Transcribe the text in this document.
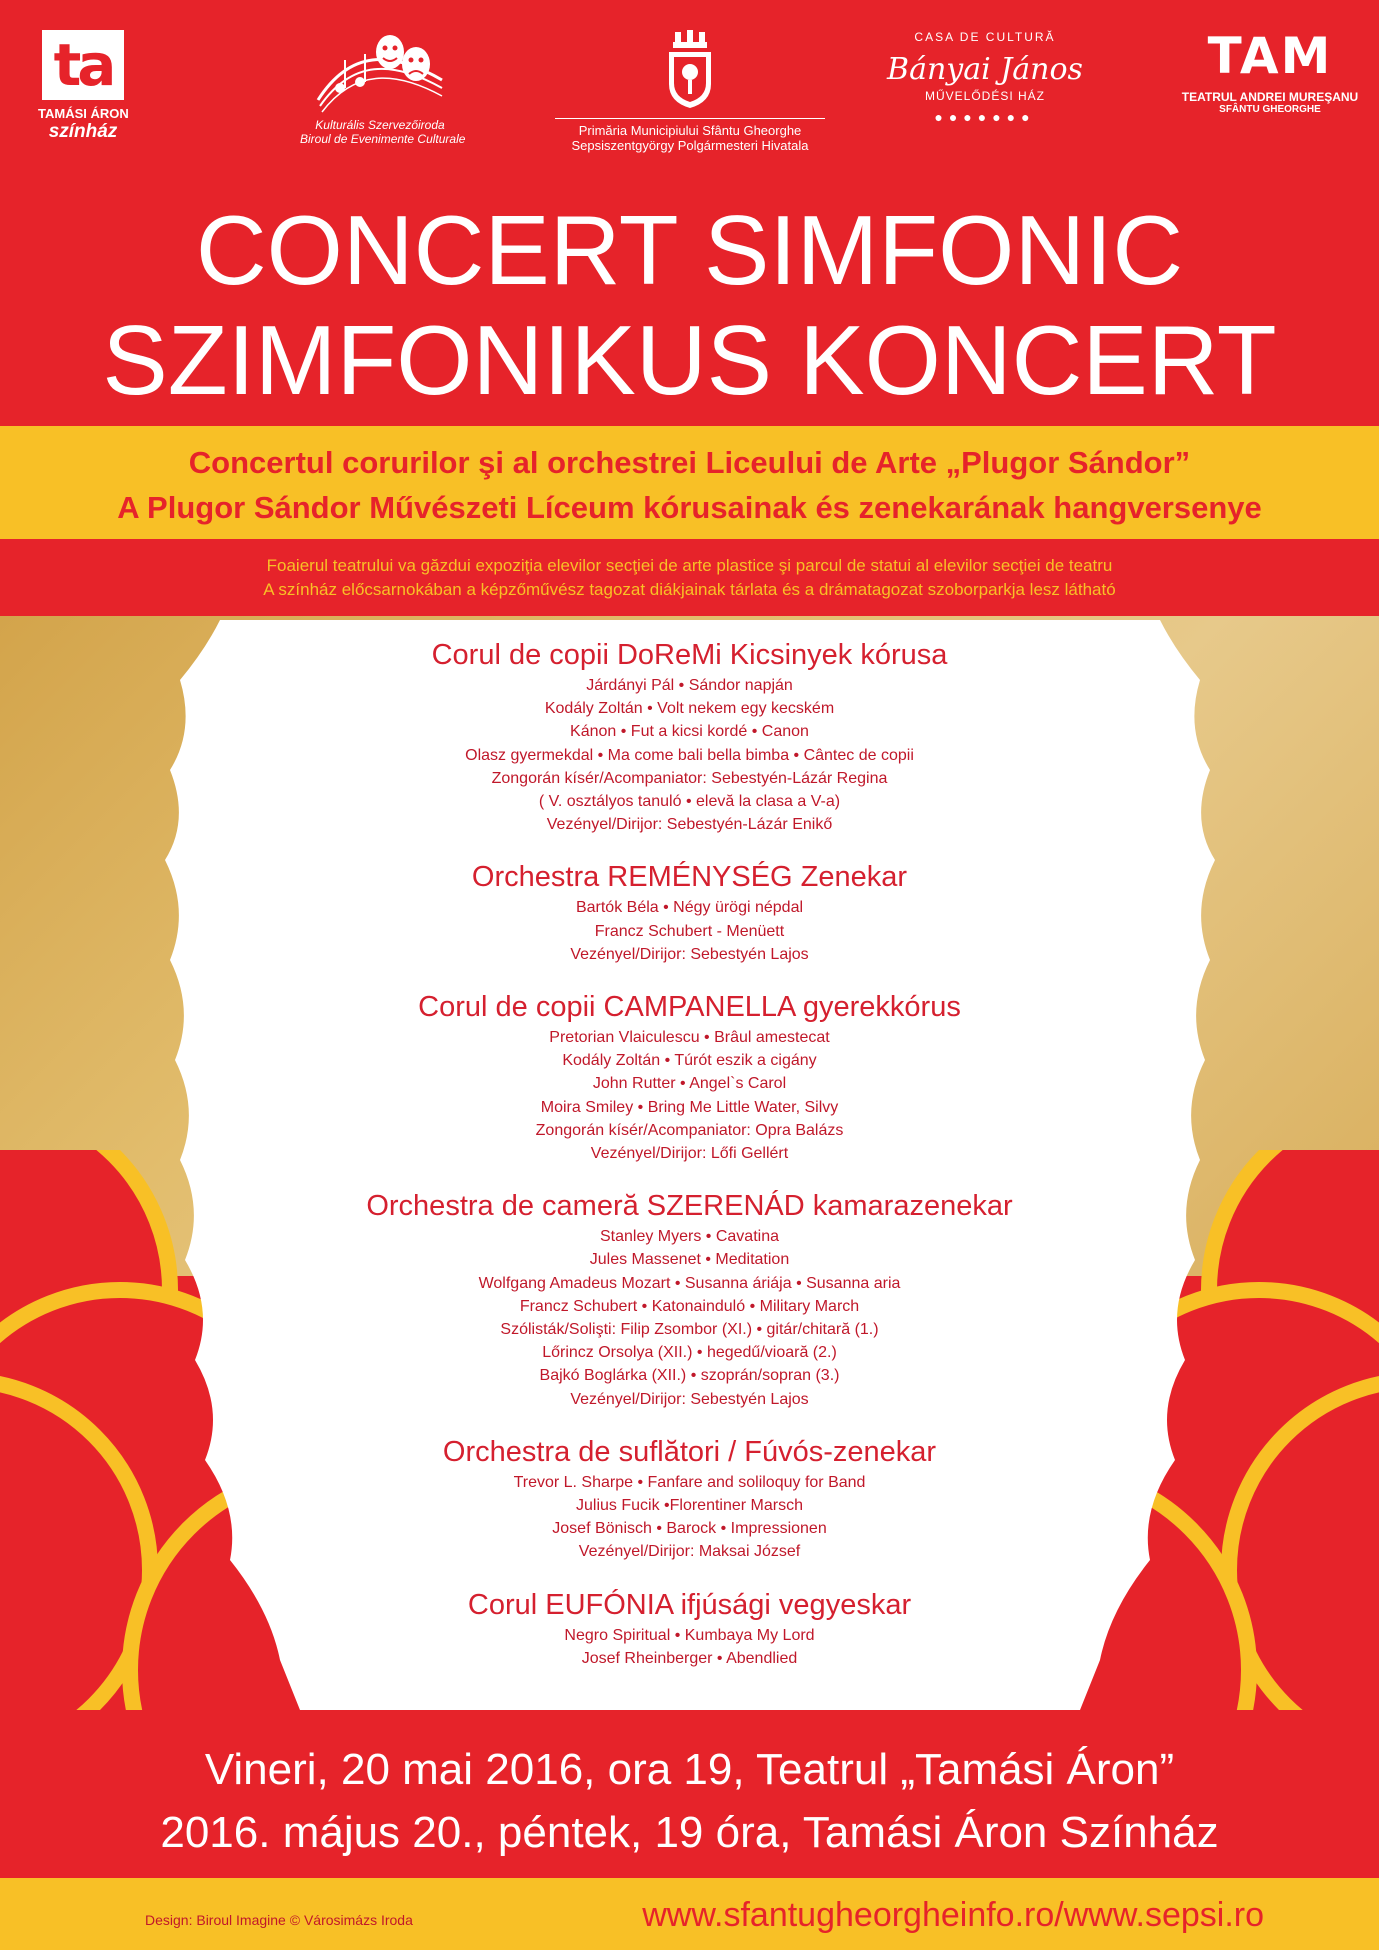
ta
TAMÁSI ÁRON
színház	Kulturális Szervezőiroda
Biroul de Evenimente Culturale
Primăria Municipiului Sfântu Gheorghe
Sepsiszentgyörgy Polgármesteri Hivatala
CASA DE CULTURĂ
Bányai János
MŰVELŐDÉSI HÁZ
●●●●●●●
TAM
TEATRUL ANDREI MUREŞANU
SFÂNTU GHEORGHE
CONCERT SIMFONIC
SZIMFONIKUS KONCERT
Concertul corurilor şi al orchestrei Liceului de Arte „Plugor Sándor”
A Plugor Sándor Művészeti Líceum kórusainak és zenekarának hangversenye
Foaierul teatrului va găzdui expoziţia elevilor secţiei de arte plastice şi parcul de statui al elevilor secţiei de teatru
A színház előcsarnokában a képzőművész tagozat diákjainak tárlata és a drámatagozat szoborparkja lesz látható
Corul de copii DoReMi Kicsinyek kórusa
Járdányi Pál • Sándor napján
Kodály Zoltán • Volt nekem egy kecském
Kánon • Fut a kicsi kordé • Canon
Olasz gyermekdal • Ma come bali bella bimba • Cântec de copii
Zongorán kísér/Acompaniator: Sebestyén-Lázár Regina
( V. osztályos tanuló • elevă la clasa a V-a)
Vezényel/Dirijor: Sebestyén-Lázár Enikő
Orchestra REMÉNYSÉG Zenekar
Bartók Béla • Négy ürögi népdal
Francz Schubert - Menüett
Vezényel/Dirijor: Sebestyén Lajos
Corul de copii CAMPANELLA gyerekkórus
Pretorian Vlaiculescu • Brâul amestecat
Kodály Zoltán • Túrót eszik a cigány
John Rutter • Angel`s Carol
Moira Smiley • Bring Me Little Water, Silvy
Zongorán kísér/Acompaniator: Opra Balázs
Vezényel/Dirijor: Lőfi Gellért
Orchestra de cameră SZERENÁD kamarazenekar
Stanley Myers • Cavatina
Jules Massenet • Meditation
Wolfgang Amadeus Mozart • Susanna áriája • Susanna aria
Francz Schubert • Katonainduló • Military March
Szólisták/Solişti: Filip Zsombor (XI.) • gitár/chitară (1.)
Lőrincz Orsolya (XII.) • hegedű/vioară (2.)
Bajkó Boglárka (XII.) • szoprán/sopran (3.)
Vezényel/Dirijor: Sebestyén Lajos
Orchestra de suflători / Fúvós-zenekar
Trevor L. Sharpe • Fanfare and soliloquy for Band
Julius Fucik •Florentiner Marsch
Josef Bönisch • Barock • Impressionen
Vezényel/Dirijor: Maksai József
Corul EUFÓNIA ifjúsági vegyeskar
Negro Spiritual • Kumbaya My Lord
Josef Rheinberger • Abendlied
Vineri, 20 mai 2016, ora 19, Teatrul „Tamási Áron”
2016. május 20., péntek, 19 óra, Tamási Áron Színház
Design: Biroul Imagine © Városimázs Iroda	www.sfantugheorgheinfo.ro/www.sepsi.ro
